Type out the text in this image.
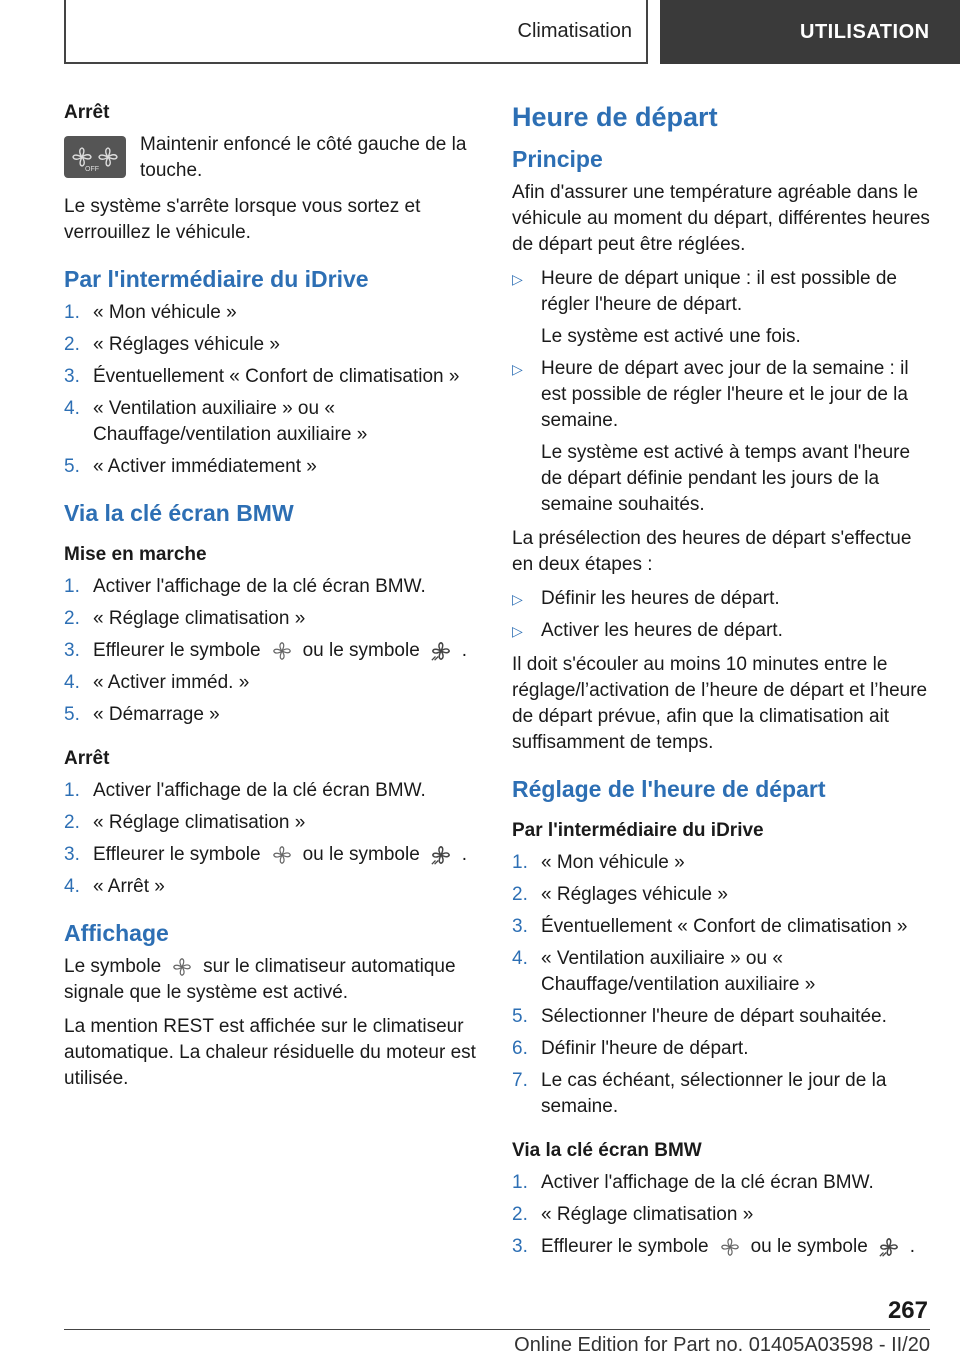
Climatisation	UTILISATION
Arrêt
OFF
Maintenir enfoncé le côté gauche de la touche.

Le système s'arrête lorsque vous sortez et verrouillez le véhicule.

Par l'intermédiaire du iDrive
1. « Mon véhicule »
2. « Réglages véhicule »
3. Éventuellement « Confort de climatisation »
4. « Ventilation auxiliaire » ou « Chauffage/ventilation auxiliaire »
5. « Activer immédiatement »
Via la clé écran BMW
Mise en marche
1. Activer l'affichage de la clé écran BMW.
2. « Réglage climatisation »
3. Effleurer le symbole ou le symbole .
4. « Activer imméd. »
5. « Démarrage »
Arrêt
1. Activer l'affichage de la clé écran BMW.
2. « Réglage climatisation »
3. Effleurer le symbole ou le symbole .
4. « Arrêt »
Affichage

Le symbole sur le climatiseur automatique signale que le système est activé.

La mention REST est affichée sur le climatiseur automatique. La chaleur résiduelle du moteur est utilisée.

Heure de départ
Principe

Afin d'assurer une température agréable dans le véhicule au moment du départ, différentes heures de départ peut être réglées.

▷ Heure de départ unique : il est possible de régler l'heure de départ.
Le système est activé une fois.
▷ Heure de départ avec jour de la semaine : il est possible de régler l'heure et le jour de la semaine.
Le système est activé à temps avant l'heure de départ définie pendant les jours de la semaine souhaités.

La présélection des heures de départ s'effectue en deux étapes :

▷ Définir les heures de départ.
▷ Activer les heures de départ.

Il doit s'écouler au moins 10 minutes entre le réglage/l’activation de l’heure de départ et l’heure de départ prévue, afin que la climatisation ait suffisamment de temps.

Réglage de l'heure de départ
Par l'intermédiaire du iDrive
1. « Mon véhicule »
2. « Réglages véhicule »
3. Éventuellement « Confort de climatisation »
4. « Ventilation auxiliaire » ou « Chauffage/ventilation auxiliaire »
5. Sélectionner l'heure de départ souhaitée.
6. Définir l'heure de départ.
7. Le cas échéant, sélectionner le jour de la semaine.
Via la clé écran BMW
1. Activer l'affichage de la clé écran BMW.
2. « Réglage climatisation »
3. Effleurer le symbole ou le symbole .
267
Online Edition for Part no. 01405A03598 - II/20
